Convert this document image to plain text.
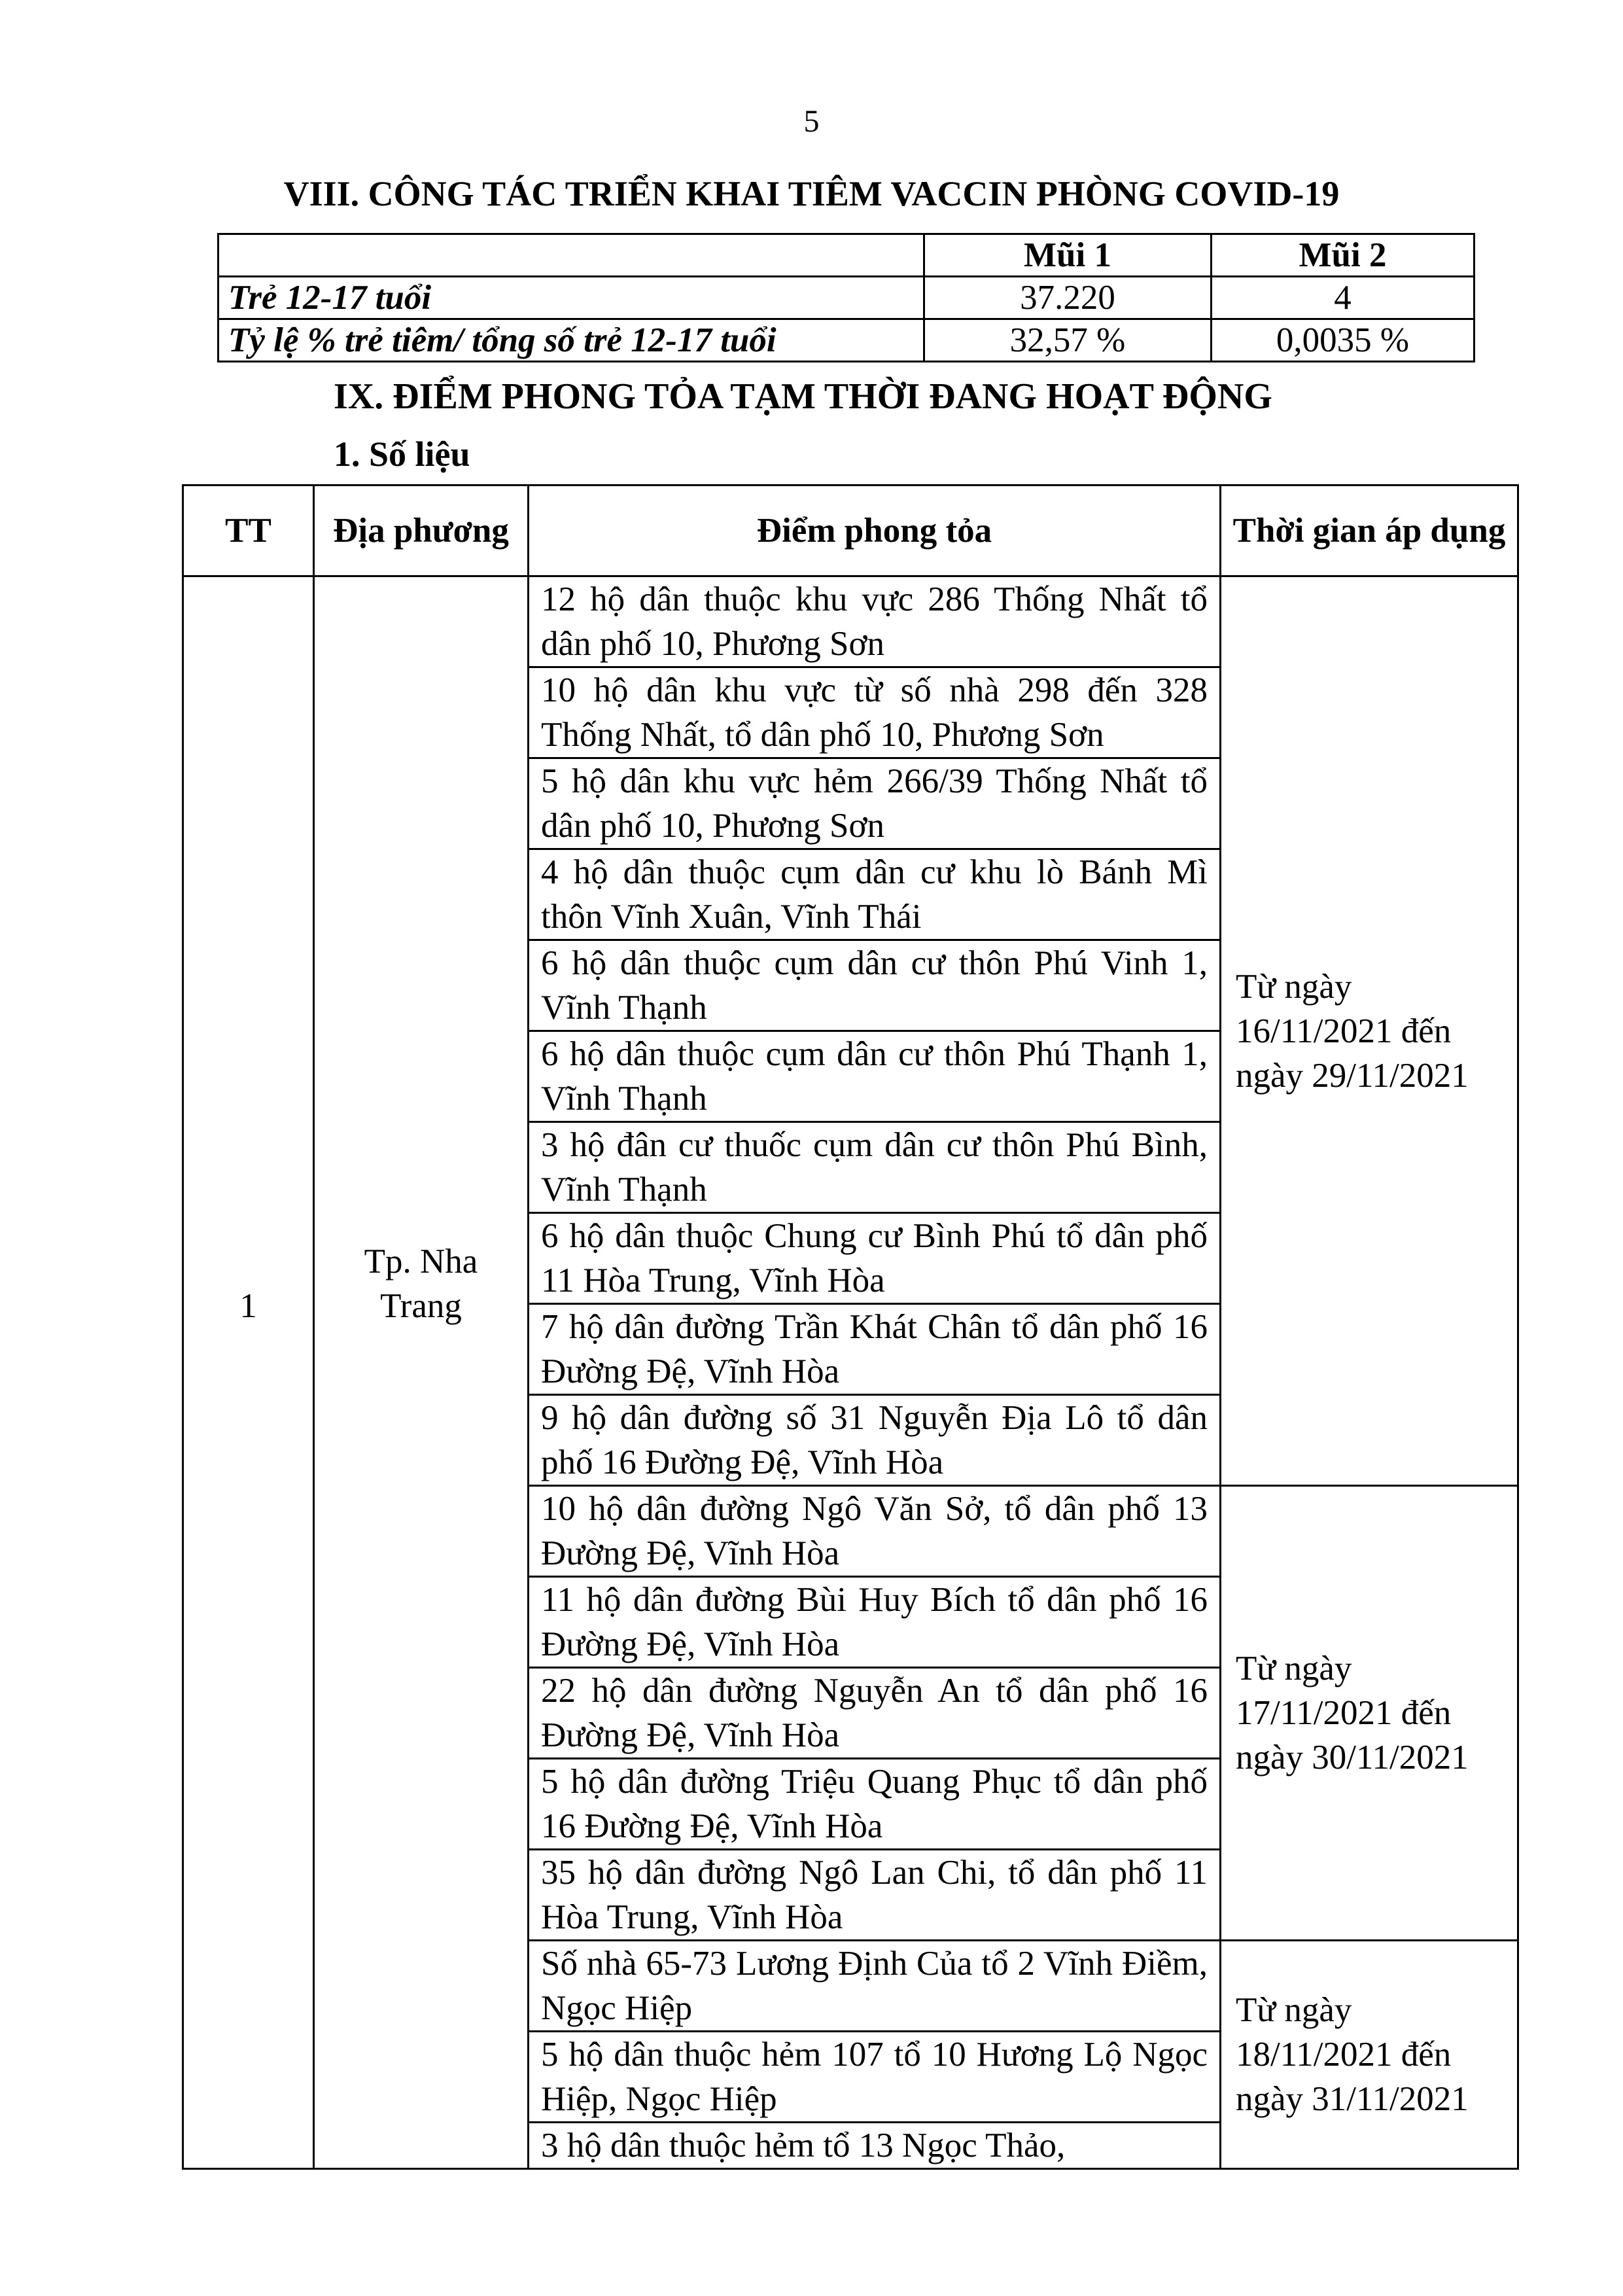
5
VIII. CÔNG TÁC TRIỂN KHAI TIÊM VACCIN PHÒNG COVID-19
	Mũi 1	Mũi 2
Trẻ 12-17 tuổi	37.220	4
Tỷ lệ % trẻ tiêm/ tổng số trẻ 12-17 tuổi	32,57 %	0,0035 %
IX. ĐIỂM PHONG TỎA TẠM THỜI ĐANG HOẠT ĐỘNG
1. Số liệu
TT	Địa phương	Điểm phong tỏa	Thời gian áp dụng
1	Tp. Nha Trang	12 hộ dân thuộc khu vực 286 Thống Nhất tổ dân phố 10, Phương Sơn	Từ ngày 16/11/2021 đến ngày 29/11/2021
		10 hộ dân khu vực từ số nhà 298 đến 328 Thống Nhất, tổ dân phố 10, Phương Sơn	
		5 hộ dân khu vực hẻm 266/39 Thống Nhất tổ dân phố 10, Phương Sơn	
		4 hộ dân thuộc cụm dân cư khu lò Bánh Mì thôn Vĩnh Xuân, Vĩnh Thái	
		6 hộ dân thuộc cụm dân cư thôn Phú Vinh 1, Vĩnh Thạnh	
		6 hộ dân thuộc cụm dân cư thôn Phú Thạnh 1, Vĩnh Thạnh	
		3 hộ đân cư thuốc cụm dân cư thôn Phú Bình, Vĩnh Thạnh	
		6 hộ dân thuộc Chung cư Bình Phú tổ dân phố 11 Hòa Trung, Vĩnh Hòa	
		7 hộ dân đường Trần Khát Chân tổ dân phố 16 Đường Đệ, Vĩnh Hòa	
		9 hộ dân đường số 31 Nguyễn Địa Lô tổ dân phố 16 Đường Đệ, Vĩnh Hòa	
		10 hộ dân đường Ngô Văn Sở, tổ dân phố 13 Đường Đệ, Vĩnh Hòa	Từ ngày 17/11/2021 đến ngày 30/11/2021
		11 hộ dân đường Bùi Huy Bích tổ dân phố 16 Đường Đệ, Vĩnh Hòa	
		22 hộ dân đường Nguyễn An tổ dân phố 16 Đường Đệ, Vĩnh Hòa	
		5 hộ dân đường Triệu Quang Phục tổ dân phố 16 Đường Đệ, Vĩnh Hòa	
		35 hộ dân đường Ngô Lan Chi, tổ dân phố 11 Hòa Trung, Vĩnh Hòa	
		Số nhà 65-73 Lương Định Của tổ 2 Vĩnh Điềm, Ngọc Hiệp	Từ ngày 18/11/2021 đến ngày 31/11/2021
		5 hộ dân thuộc hẻm 107 tổ 10 Hương Lộ Ngọc Hiệp, Ngọc Hiệp	
		3 hộ dân thuộc hẻm tổ 13 Ngọc Thảo,	
